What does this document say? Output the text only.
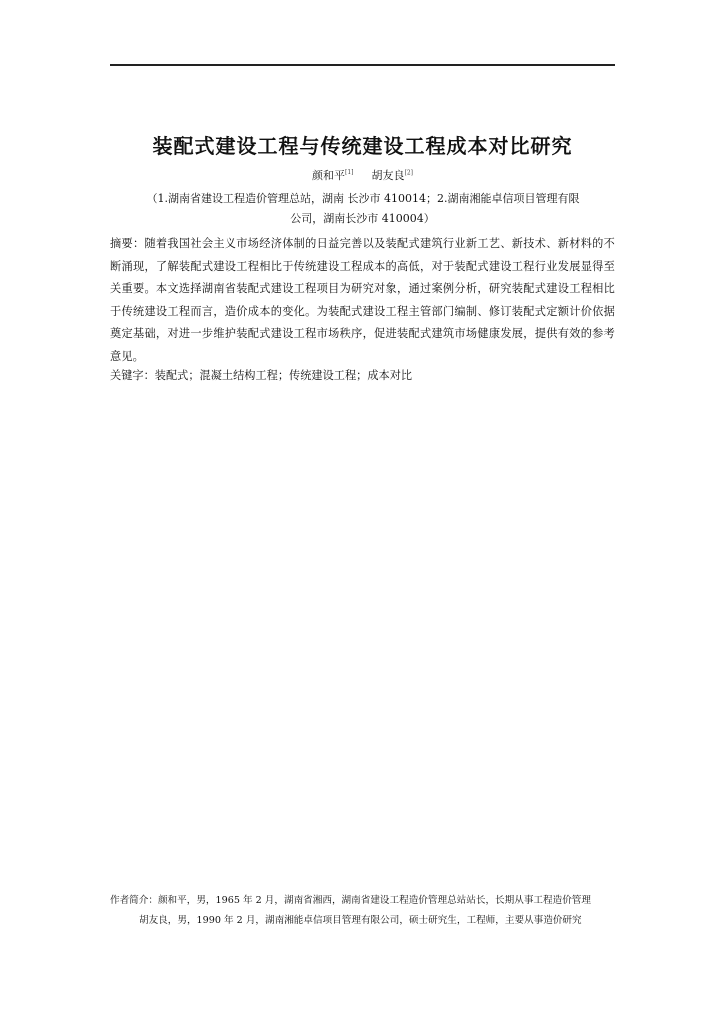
装配式建设工程与传统建设工程成本对比研究
颜和平[1] 胡友良[2]
（1.湖南省建设工程造价管理总站，湖南 长沙市 410014；2.湖南湘能卓信项目管理有限
公司，湖南长沙市 410004）
摘要：随着我国社会主义市场经济体制的日益完善以及装配式建筑行业新工艺、新技术、新材料的不断涌现，了解装配式建设工程相比于传统建设工程成本的高低，对于装配式建设工程行业发展显得至关重要。本文选择湖南省装配式建设工程项目为研究对象，通过案例分析，研究装配式建设工程相比于传统建设工程而言，造价成本的变化。为装配式建设工程主管部门编制、修订装配式定额计价依据奠定基础，对进一步维护装配式建设工程市场秩序，促进装配式建筑市场健康发展，提供有效的参考意见。
关键字：装配式；混凝土结构工程；传统建设工程；成本对比

作者简介：颜和平，男，1965 年 2 月，湖南省湘西，湖南省建设工程造价管理总站站长，长期从事工程造价管理

胡友良，男，1990 年 2 月，湖南湘能卓信项目管理有限公司，硕士研究生，工程师，主要从事造价研究
